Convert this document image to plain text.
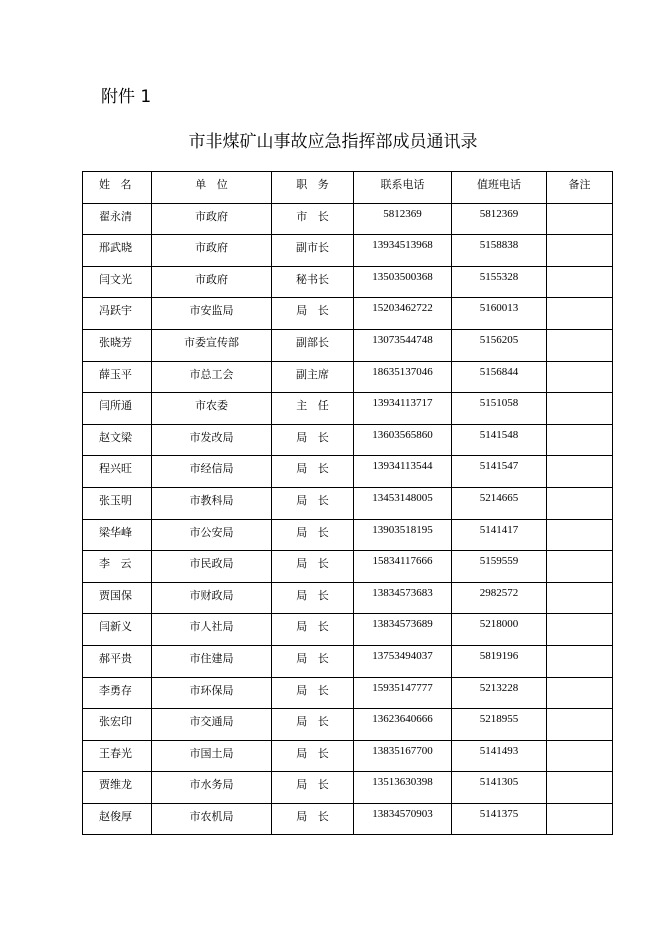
附件 1
市非煤矿山事故应急指挥部成员通讯录
姓   名	单   位	职   务	联系电话	值班电话	备注
翟永清	市政府	市   长	5812369	5812369	
邢武晓	市政府	副市长	13934513968	5158838	
闫文光	市政府	秘书长	13503500368	5155328	
冯跃宇	市安监局	局   长	15203462722	5160013	
张晓芳	市委宣传部	副部长	13073544748	5156205	
薛玉平	市总工会	副主席	18635137046	5156844	
闫所通	市农委	主   任	13934113717	5151058	
赵文梁	市发改局	局   长	13603565860	5141548	
程兴旺	市经信局	局   长	13934113544	5141547	
张玉明	市教科局	局   长	13453148005	5214665	
梁华峰	市公安局	局   长	13903518195	5141417	
李   云	市民政局	局   长	15834117666	5159559	
贾国保	市财政局	局   长	13834573683	2982572	
闫新义	市人社局	局   长	13834573689	5218000	
郝平贵	市住建局	局   长	13753494037	5819196	
李勇存	市环保局	局   长	15935147777	5213228	
张宏印	市交通局	局   长	13623640666	5218955	
王春光	市国土局	局   长	13835167700	5141493	
贾维龙	市水务局	局   长	13513630398	5141305	
赵俊厚	市农机局	局   长	13834570903	5141375	
